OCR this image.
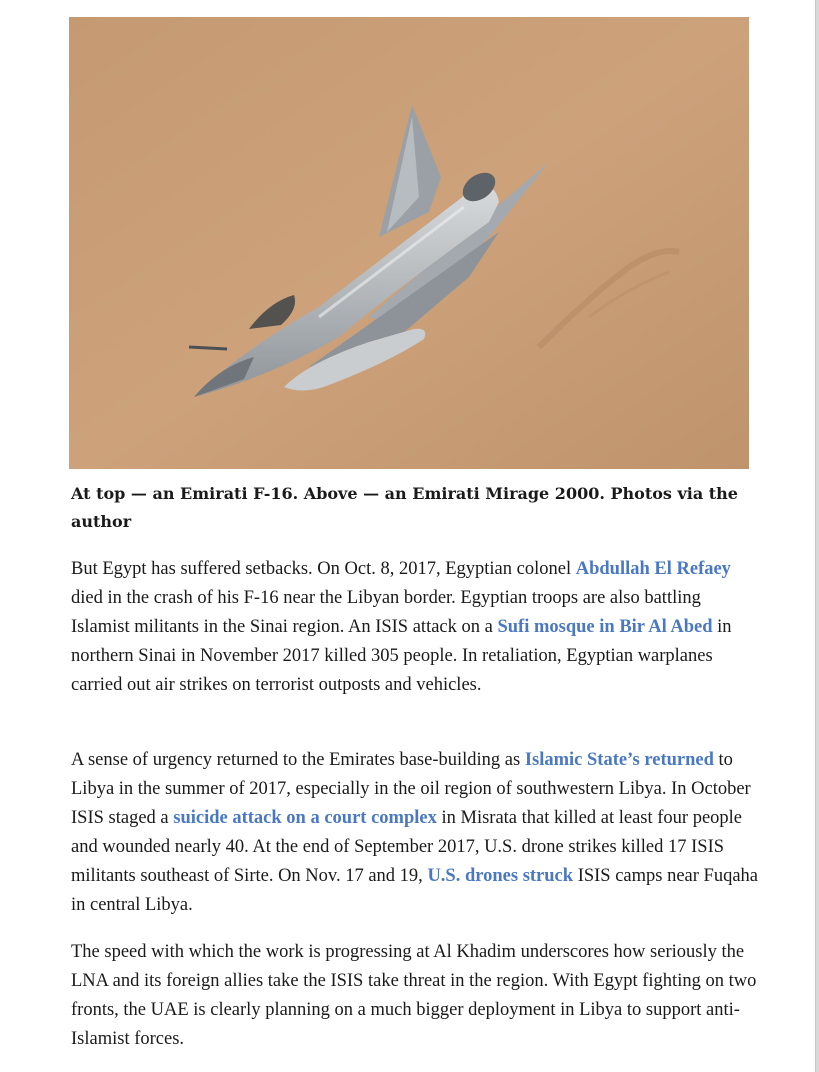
At top — an Emirati F-16. Above — an Emirati Mirage 2000. Photos via the author

But Egypt has suffered setbacks. On Oct. 8, 2017, Egyptian colonel Abdullah El Refaey died in the crash of his F-16 near the Libyan border. Egyptian troops are also battling Islamist militants in the Sinai region. An ISIS attack on a Sufi mosque in Bir Al Abed in northern Sinai in November 2017 killed 305 people. In retaliation, Egyptian warplanes carried out air strikes on terrorist outposts and vehicles.

A sense of urgency returned to the Emirates base-building as Islamic State’s returned to Libya in the summer of 2017, especially in the oil region of southwestern Libya. In October ISIS staged a suicide attack on a court complex in Misrata that killed at least four people and wounded nearly 40. At the end of September 2017, U.S. drone strikes killed 17 ISIS militants southeast of Sirte. On Nov. 17 and 19, U.S. drones struck ISIS camps near Fuqaha in central Libya.

The speed with which the work is progressing at Al Khadim underscores how seriously the LNA and its foreign allies take the ISIS take threat in the region. With Egypt fighting on two fronts, the UAE is clearly planning on a much bigger deployment in Libya to support anti-Islamist forces.
